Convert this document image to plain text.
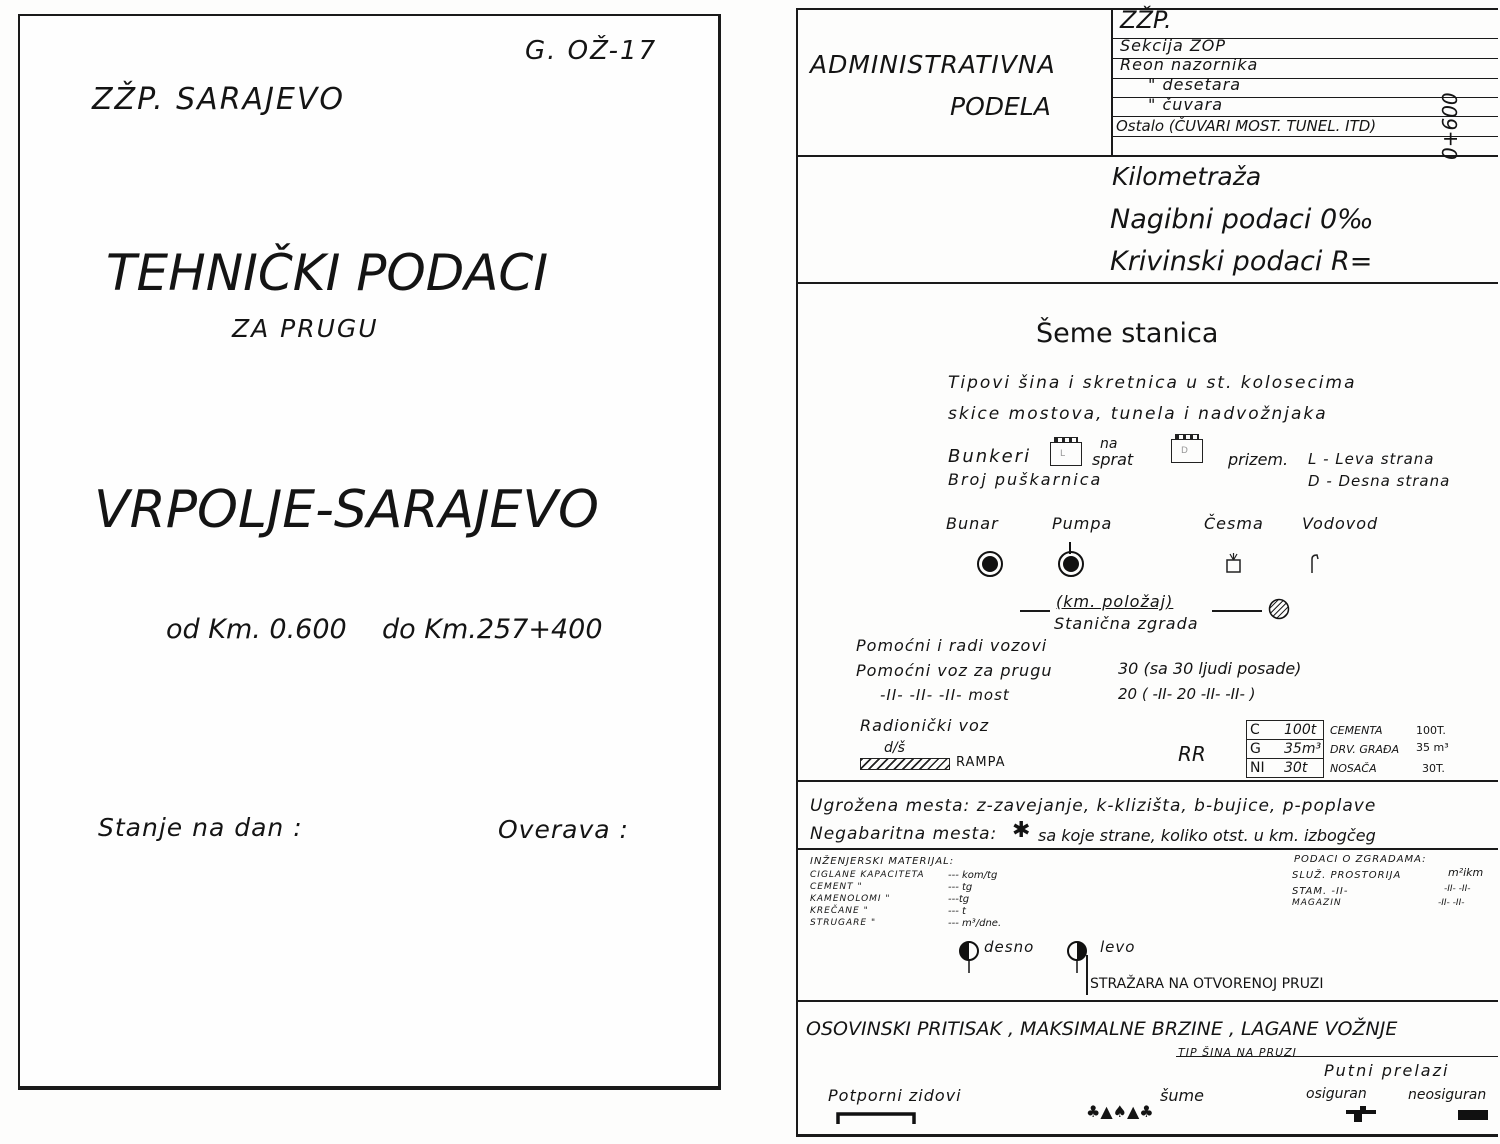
G. OŽ-17
ZŽP. SARAJEVO
TEHNIČKI PODACI
ZA PRUGU
VRPOLJE-SARAJEVO
od Km. 0.600 do Km.257+400
Stanje na dan :	Overava :
ADMINISTRATIVNA
PODELA
ZŽP.
Sekcija ZOP
Reon nazornika
" desetara
" čuvara
Ostalo (ČUVARI MOST. TUNEL. ITD)	0+600
Kilometraža
Nagibni podaci 0‰
Krivinski podaci R=
Šeme stanica
Tipovi šina i skretnica u st. kolosecima
skice mostova, tunela i nadvožnjaka
Bunkeri	L
na
sprat	D	prizem. L - Leva strana
Broj puškarnica	D - Desna strana
Bunar	Pumpa	Česma Vodovod
(km. položaj)
Stanična zgrada
Pomoćni i radi vozovi
Pomoćni voz za prugu	30 (sa 30 ljudi posade)
-II- -II- -II- most	20 ( -II- 20 -II- -II- )
Radionički voz
d/š
RAMPA	RR
C 100t CEMENTA	100T.
G 35m³ DRV. GRAĐA 35 m³
NI 30t NOSAČA	30T.
Ugrožena mesta: z-zavejanje, k-klizišta, b-bujice, p-poplave
Negabaritna mesta: ✱ sa koje strane, koliko otst. u km. izbogčeg
INŽENJERSKI MATERIJAL:
CIGLANE KAPACITETA --- kom/tg
CEMENT "	--- tg
KAMENOLOMI "	---tg
KREČANE "	--- t
STRUGARE "	--- m³/dne.
PODACI O ZGRADAMA:
SLUŽ. PROSTORIJA	m²ikm
STAM. -II-	-II- -II-
MAGAZIN	-II- -II-
desno	levo
STRAŽARA NA OTVORENOJ PRUZI
OSOVINSKI PRITISAK , MAKSIMALNE BRZINE , LAGANE VOŽNJE
TIP ŠINA NA PRUZI
Putni prelazi
osiguran	neosiguran
Potporni zidovi	šume
♣▲♠▲♣
